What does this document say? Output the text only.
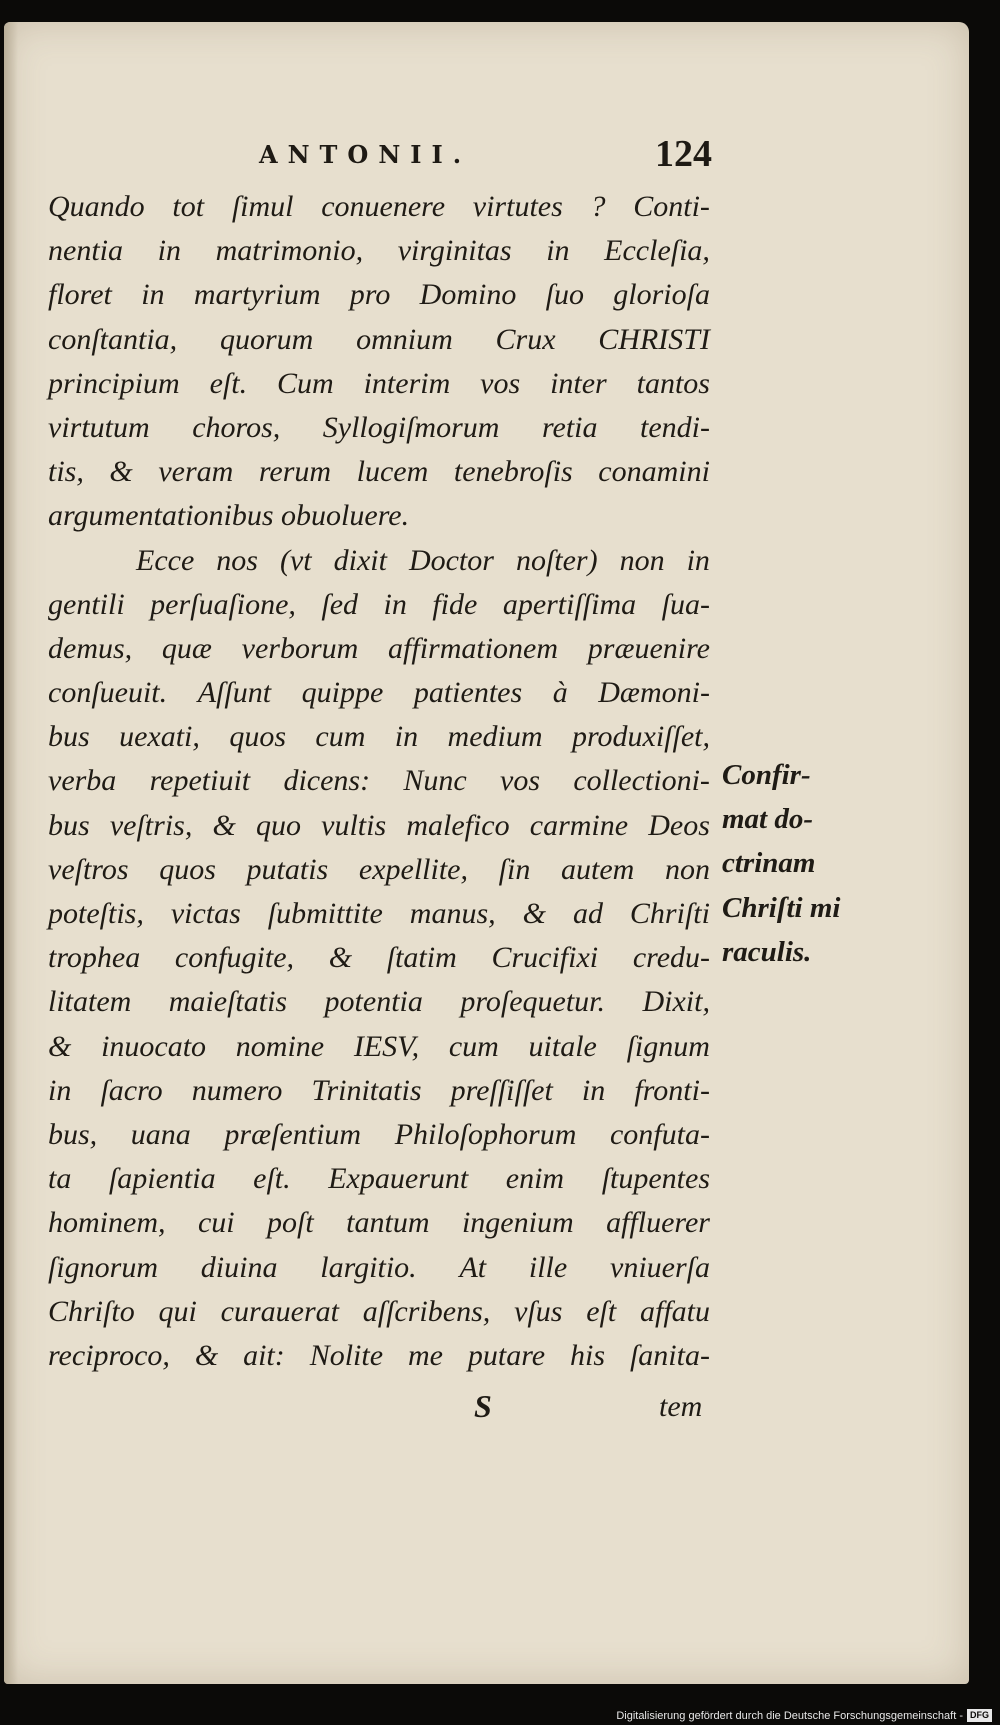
ANTONII.	124
Quando tot ſimul conuenere virtutes ? Conti-
nentia in matrimonio, virginitas in Eccleſia,
floret in martyrium pro Domino ſuo glorioſa
conſtantia, quorum omnium Crux CHRISTI
principium eſt. Cum interim vos inter tantos
virtutum choros, Syllogiſmorum retia tendi-
tis, & veram rerum lucem tenebroſis conamini
argumentationibus obuoluere.
Ecce nos (vt dixit Doctor noſter) non in
gentili perſuaſione, ſed in fide apertiſſima ſua-
demus, quæ verborum affirmationem præuenire
conſueuit. Aſſunt quippe patientes à Dæmoni-
bus uexati, quos cum in medium produxiſſet,
verba repetiuit dicens: Nunc vos collectioni-
bus veſtris, & quo vultis malefico carmine Deos
veſtros quos putatis expellite, ſin autem non
poteſtis, victas ſubmittite manus, & ad Chriſti
trophea confugite, & ſtatim Crucifixi credu-
litatem maieſtatis potentia proſequetur. Dixit,
& inuocato nomine IESV, cum uitale ſignum
in ſacro numero Trinitatis preſſiſſet in fronti-
bus, uana præſentium Philoſophorum confuta-
ta ſapientia eſt. Expauerunt enim ſtupentes
hominem, cui poſt tantum ingenium affluerer
ſignorum diuina largitio. At ille vniuerſa
Chriſto qui curauerat aſſcribens, vſus eſt affatu
reciproco, & ait: Nolite me putare his ſanita-
Confir-
mat do-
ctrinam
Chriſti mi
raculis.
S	tem
Digitalisierung gefördert durch die Deutsche Forschungsgemeinschaft - DFG
